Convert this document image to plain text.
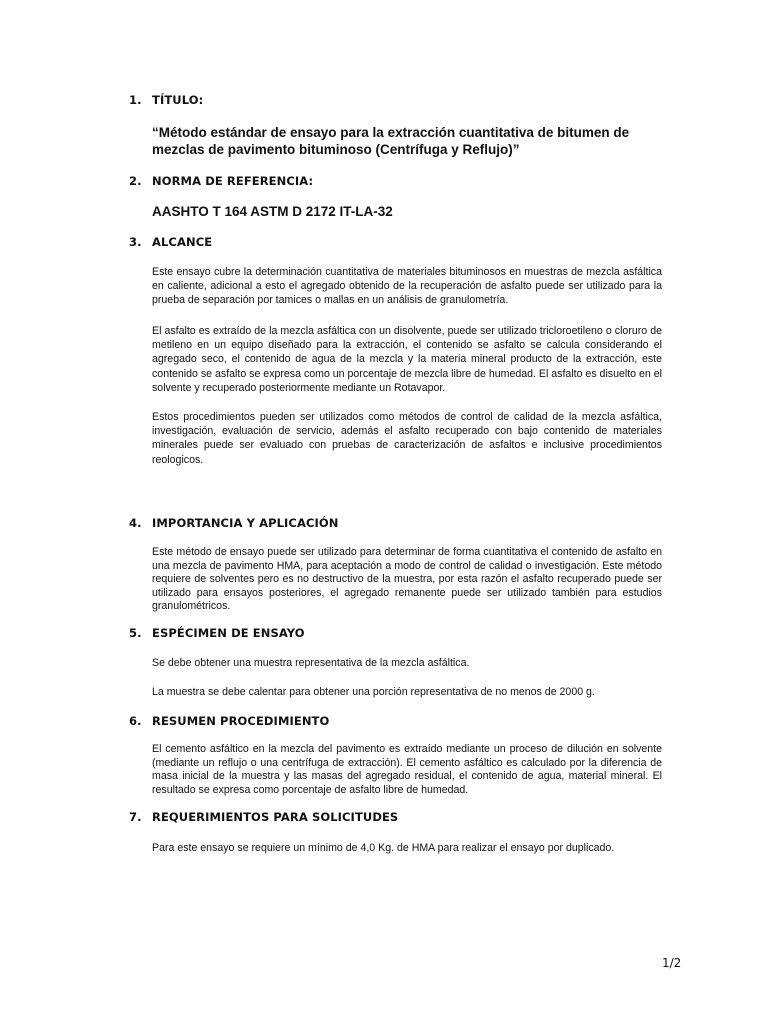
1. TÍTULO:
“Método estándar de ensayo para la extracción cuantitativa de bitumen de mezclas de pavimento bituminoso (Centrífuga y Reflujo)”
2. NORMA DE REFERENCIA:
AASHTO T 164 ASTM D 2172 IT-LA-32
3. ALCANCE

Este ensayo cubre la determinación cuantitativa de materiales bituminosos en muestras de mezcla asfáltica en caliente, adicional a esto el agregado obtenido de la recuperación de asfalto puede ser utilizado para la prueba de separación por tamices o mallas en un análisis de granulometría.

El asfalto es extraído de la mezcla asfáltica con un disolvente, puede ser utilizado tricloroetileno o cloruro de metileno en un equipo diseñado para la extracción, el contenido se asfalto se calcula considerando el agregado seco, el contenido de agua de la mezcla y la materia mineral producto de la extracción, este contenido se asfalto se expresa como un porcentaje de mezcla libre de humedad. El asfalto es disuelto en el solvente y recuperado posteriormente mediante un Rotavapor.

Estos procedimientos pueden ser utilizados como métodos de control de calidad de la mezcla asfáltica, investigación, evaluación de servicio, además el asfalto recuperado con bajo contenido de materiales minerales puede ser evaluado con pruebas de caracterización de asfaltos e inclusive procedimientos reologicos.

4. IMPORTANCIA Y APLICACIÓN

Este método de ensayo puede ser utilizado para determinar de forma cuantitativa el contenido de asfalto en una mezcla de pavimento HMA, para aceptación a modo de control de calidad o investigación. Este método requiere de solventes pero es no destructivo de la muestra, por esta razón el asfalto recuperado puede ser utilizado para ensayos posteriores, el agregado remanente puede ser utilizado también para estudios granulométricos.

5. ESPÉCIMEN DE ENSAYO

Se debe obtener una muestra representativa de la mezcla asfáltica.

La muestra se debe calentar para obtener una porción representativa de no menos de 2000 g.

6. RESUMEN PROCEDIMIENTO

El cemento asfáltico en la mezcla del pavimento es extraído mediante un proceso de dilución en solvente (mediante un reflujo o una centrífuga de extracción). El cemento asfáltico es calculado por la diferencia de masa inicial de la muestra y las masas del agregado residual, el contenido de agua, material mineral. El resultado se expresa como porcentaje de asfalto libre de humedad.

7. REQUERIMIENTOS PARA SOLICITUDES

Para este ensayo se requiere un mínimo de 4,0 Kg. de HMA para realizar el ensayo por duplicado.

1/2
